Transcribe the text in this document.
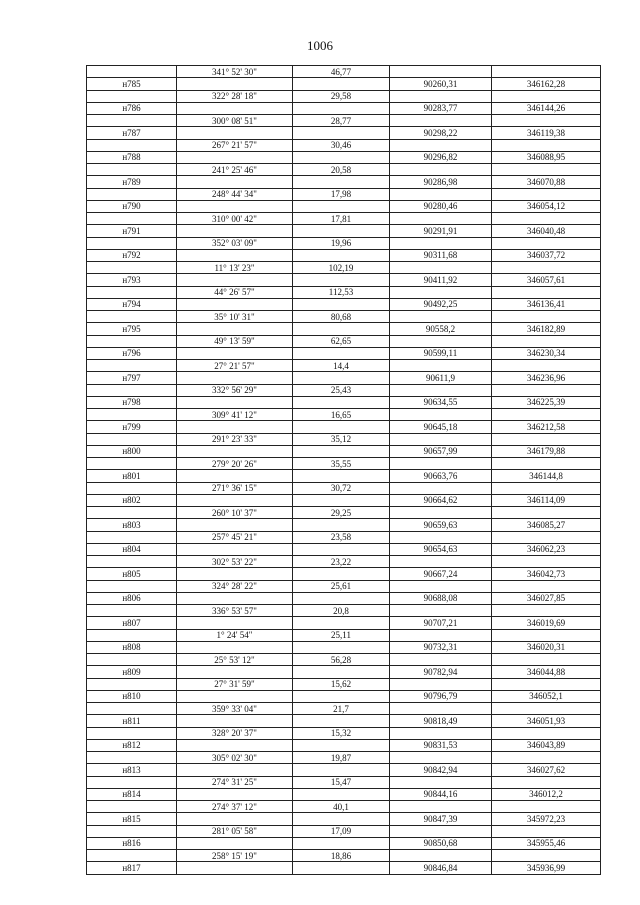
1006
	341° 52' 30"	46,77		
н785			90260,31	346162,28
	322° 28' 18"	29,58		
н786			90283,77	346144,26
	300° 08' 51"	28,77		
н787			90298,22	346119,38
	267° 21' 57"	30,46		
н788			90296,82	346088,95
	241° 25' 46"	20,58		
н789			90286,98	346070,88
	248° 44' 34"	17,98		
н790			90280,46	346054,12
	310° 00' 42"	17,81		
н791			90291,91	346040,48
	352° 03' 09"	19,96		
н792			90311,68	346037,72
	11° 13' 23"	102,19		
н793			90411,92	346057,61
	44° 26' 57"	112,53		
н794			90492,25	346136,41
	35° 10' 31"	80,68		
н795			90558,2	346182,89
	49° 13' 59"	62,65		
н796			90599,11	346230,34
	27° 21' 57"	14,4		
н797			90611,9	346236,96
	332° 56' 29"	25,43		
н798			90634,55	346225,39
	309° 41' 12"	16,65		
н799			90645,18	346212,58
	291° 23' 33"	35,12		
н800			90657,99	346179,88
	279° 20' 26"	35,55		
н801			90663,76	346144,8
	271° 36' 15"	30,72		
н802			90664,62	346114,09
	260° 10' 37"	29,25		
н803			90659,63	346085,27
	257° 45' 21"	23,58		
н804			90654,63	346062,23
	302° 53' 22"	23,22		
н805			90667,24	346042,73
	324° 28' 22"	25,61		
н806			90688,08	346027,85
	336° 53' 57"	20,8		
н807			90707,21	346019,69
	1° 24' 54"	25,11		
н808			90732,31	346020,31
	25° 53' 12"	56,28		
н809			90782,94	346044,88
	27° 31' 59"	15,62		
н810			90796,79	346052,1
	359° 33' 04"	21,7		
н811			90818,49	346051,93
	328° 20' 37"	15,32		
н812			90831,53	346043,89
	305° 02' 30"	19,87		
н813			90842,94	346027,62
	274° 31' 25"	15,47		
н814			90844,16	346012,2
	274° 37' 12"	40,1		
н815			90847,39	345972,23
	281° 05' 58"	17,09		
н816			90850,68	345955,46
	258° 15' 19"	18,86		
н817			90846,84	345936,99
